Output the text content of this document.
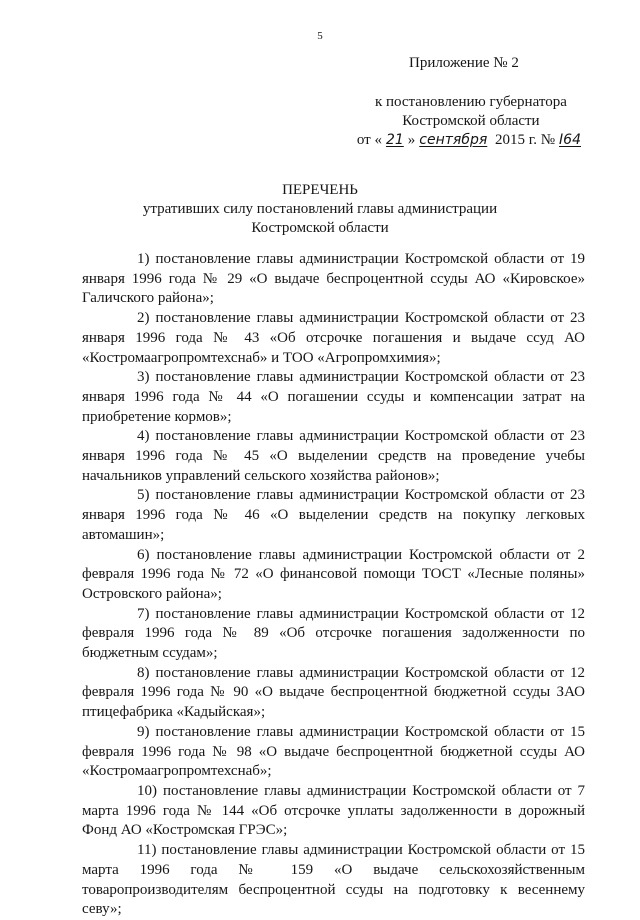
5
Приложение № 2
к постановлению губернатора
Костромской области
от « 21 » сентября 2015 г. № I64
ПЕРЕЧЕНЬ
утративших силу постановлений главы администрации
Костромской области
1) постановление главы администрации Костромской области от 19 января 1996 года № 29 «О выдаче беспроцентной ссуды АО «Кировское» Галичского района»;
2) постановление главы администрации Костромской области от 23 января 1996 года № 43 «Об отсрочке погашения и выдаче ссуд АО «Костромаагропромтехснаб» и ТОО «Агропромхимия»;
3) постановление главы администрации Костромской области от 23 января 1996 года № 44 «О погашении ссуды и компенсации затрат на приобретение кормов»;
4) постановление главы администрации Костромской области от 23 января 1996 года № 45 «О выделении средств на проведение учебы начальников управлений сельского хозяйства районов»;
5) постановление главы администрации Костромской области от 23 января 1996 года № 46 «О выделении средств на покупку легковых автомашин»;
6) постановление главы администрации Костромской области от 2 февраля 1996 года № 72 «О финансовой помощи ТОСТ «Лесные поляны» Островского района»;
7) постановление главы администрации Костромской области от 12 февраля 1996 года № 89 «Об отсрочке погашения задолженности по бюджетным ссудам»;
8) постановление главы администрации Костромской области от 12 февраля 1996 года № 90 «О выдаче беспроцентной бюджетной ссуды ЗАО птицефабрика «Кадыйская»;
9) постановление главы администрации Костромской области от 15 февраля 1996 года № 98 «О выдаче беспроцентной бюджетной ссуды АО «Костромаагропромтехснаб»;
10) постановление главы администрации Костромской области от 7 марта 1996 года № 144 «Об отсрочке уплаты задолженности в дорожный Фонд АО «Костромская ГРЭС»;
11) постановление главы администрации Костромской области от 15 марта 1996 года № 159 «О выдаче сельскохозяйственным товаропроизводителям беспроцентной ссуды на подготовку к весеннему севу»;
